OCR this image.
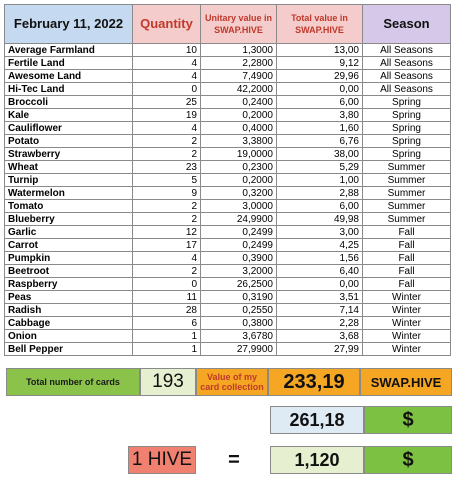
February 11, 2022	Quantity	Unitary value in SWAP.HIVE	Total value in SWAP.HIVE	Season
Average Farmland	10	1,3000	13,00	All Seasons
Fertile Land	4	2,2800	9,12	All Seasons
Awesome Land	4	7,4900	29,96	All Seasons
Hi-Tec Land	0	42,2000	0,00	All Seasons
Broccoli	25	0,2400	6,00	Spring
Kale	19	0,2000	3,80	Spring
Cauliflower	4	0,4000	1,60	Spring
Potato	2	3,3800	6,76	Spring
Strawberry	2	19,0000	38,00	Spring
Wheat	23	0,2300	5,29	Summer
Turnip	5	0,2000	1,00	Summer
Watermelon	9	0,3200	2,88	Summer
Tomato	2	3,0000	6,00	Summer
Blueberry	2	24,9900	49,98	Summer
Garlic	12	0,2499	3,00	Fall
Carrot	17	0,2499	4,25	Fall
Pumpkin	4	0,3900	1,56	Fall
Beetroot	2	3,2000	6,40	Fall
Raspberry	0	26,2500	0,00	Fall
Peas	11	0,3190	3,51	Winter
Radish	28	0,2550	7,14	Winter
Cabbage	6	0,3800	2,28	Winter
Onion	1	3,6780	3,68	Winter
Bell Pepper	1	27,9900	27,99	Winter
Total number of cards 193	Value of my card collection 233,19 SWAP.HIVE
261,18	$
1 HIVE	=	1,120	$
